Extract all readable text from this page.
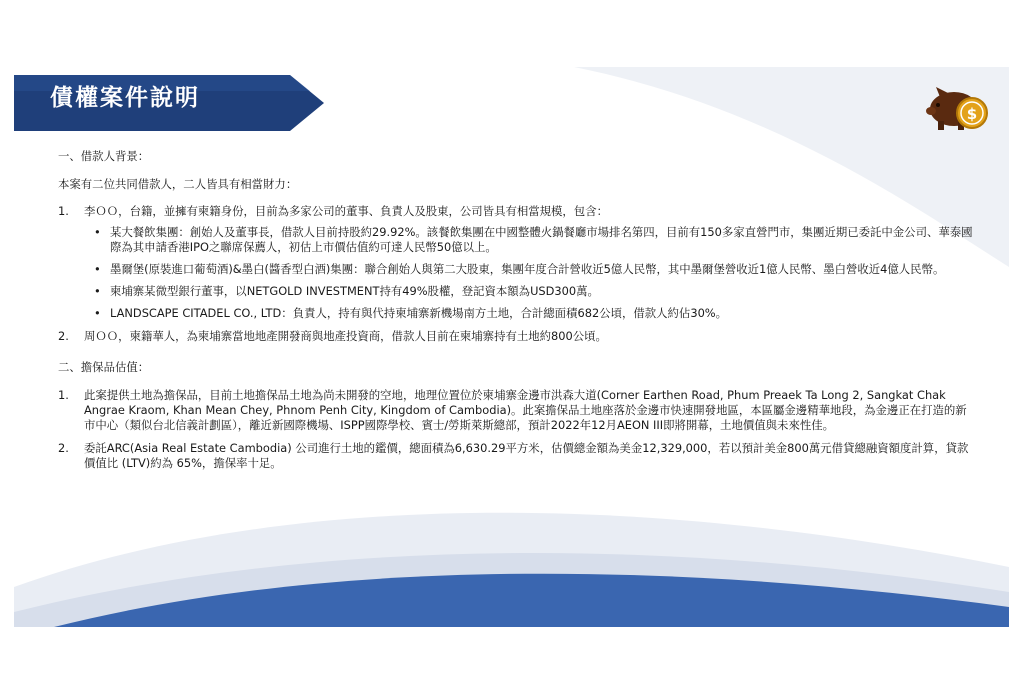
債權案件說明
$
一、借款人背景：
本案有二位共同借款人，二人皆具有相當財力：
1. 李ＯＯ，台籍，並擁有柬籍身份，目前為多家公司的董事、負責人及股東，公司皆具有相當規模，包含：
• 某大餐飲集團：創始人及董事長，借款人目前持股約29.92%。該餐飲集團在中國整體火鍋餐廳市場排名第四，目前有150多家直營門市，集團近期已委託中金公司、華泰國際為其申請香港IPO之聯席保薦人，初估上市價估值約可達人民幣50億以上。
• 墨爾堡(原裝進口葡萄酒)&墨白(醬香型白酒)集團：聯合創始人與第二大股東，集團年度合計營收近5億人民幣，其中墨爾堡營收近1億人民幣、墨白營收近4億人民幣。
• 柬埔寨某微型銀行董事，以NETGOLD INVESTMENT持有49%股權，登記資本額為USD300萬。
• LANDSCAPE CITADEL CO., LTD：負責人，持有與代持柬埔寨新機場南方土地，合計總面積682公頃，借款人約佔30%。
2. 周ＯＯ，柬籍華人，為柬埔寨當地地產開發商與地產投資商，借款人目前在柬埔寨持有土地約800公頃。
二、擔保品估值：
1. 此案提供土地為擔保品，目前土地擔保品土地為尚未開發的空地，地理位置位於柬埔寨金邊市洪森大道(Corner Earthen Road, Phum Preaek Ta Long 2, Sangkat Chak Angrae Kraom, Khan Mean Chey, Phnom Penh City, Kingdom of Cambodia)。此案擔保品土地座落於金邊市快速開發地區，本區屬金邊精華地段，為金邊正在打造的新市中心（類似台北信義計劃區），離近新國際機場、ISPP國際學校、賓士/勞斯萊斯總部，預計2022年12月AEON III即將開幕，土地價值與未來性佳。
2. 委託ARC(Asia Real Estate Cambodia) 公司進行土地的鑑價，總面積為6,630.29平方米，估價總金額為美金12,329,000，若以預計美金800萬元借貸總融資額度計算，貸款價值比 (LTV)約為 65%，擔保率十足。
